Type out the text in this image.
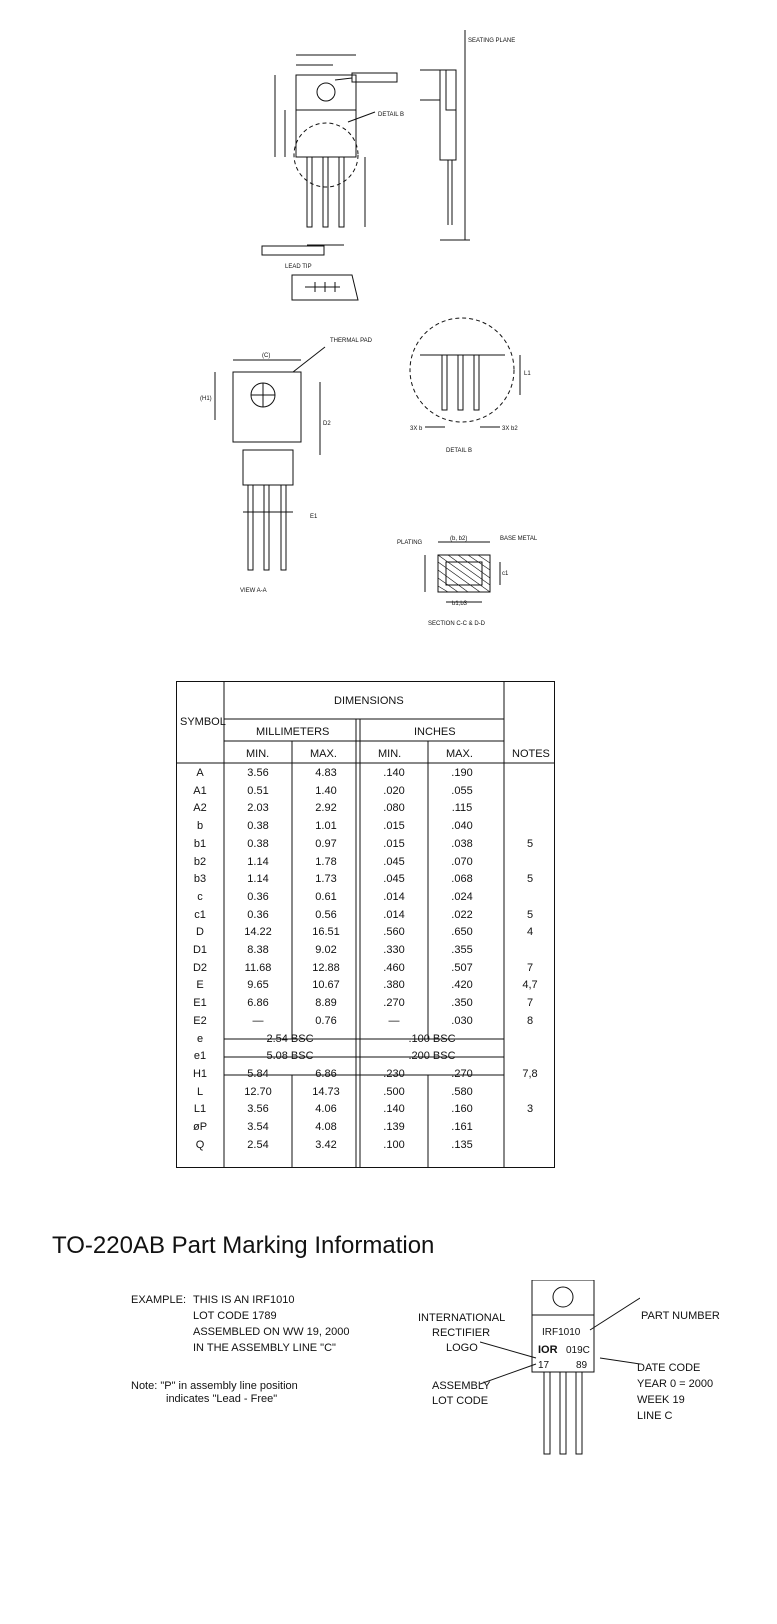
SEATING PLANE
DETAIL B
LEAD TIP
THERMAL PAD
VIEW A-A
DETAIL B
PLATING
BASE METAL
SECTION C-C & D-D
(C)
(H1)
D2
E1
L1
3X b	3X b2
(b, b2)
b1,b3
c1
SYMBOL
DIMENSIONS
MILLIMETERS	INCHES
MIN.	MAX.	MIN.	MAX.	NOTES
A	3.56	4.83	.140	.190
A1	0.51	1.40	.020	.055
A2	2.03	2.92	.080	.115
b	0.38	1.01	.015	.040
b1	0.38	0.97	.015	.038	5
b2	1.14	1.78	.045	.070
b3	1.14	1.73	.045	.068	5
c	0.36	0.61	.014	.024
c1	0.36	0.56	.014	.022	5
D	14.22	16.51	.560	.650	4
D1	8.38	9.02	.330	.355
D2	11.68	12.88	.460	.507	7
E	9.65	10.67	.380	.420	4,7
E1	6.86	8.89	.270	.350	7
E2	—	0.76	—	.030	8
e	2.54 BSC	.100 BSC
e1	5.08 BSC	.200 BSC
H1	5.84	6.86	.230	.270	7,8
L	12.70	14.73	.500	.580
L1	3.56	4.06	.140	.160	3
øP	3.54	4.08	.139	.161
Q	2.54	3.42	.100	.135
TO-220AB Part Marking Information
EXAMPLE: THIS IS AN IRF1010
LOT CODE 1789
ASSEMBLED ON WW 19, 2000
IN THE ASSEMBLY LINE "C"
Note: "P" in assembly line position
indicates "Lead - Free"
INTERNATIONAL
RECTIFIER
LOGO
ASSEMBLY
LOT CODE
PART NUMBER
DATE CODE
YEAR 0 = 2000
WEEK 19
LINE C
IRF1010
IOR 019C
17	89
